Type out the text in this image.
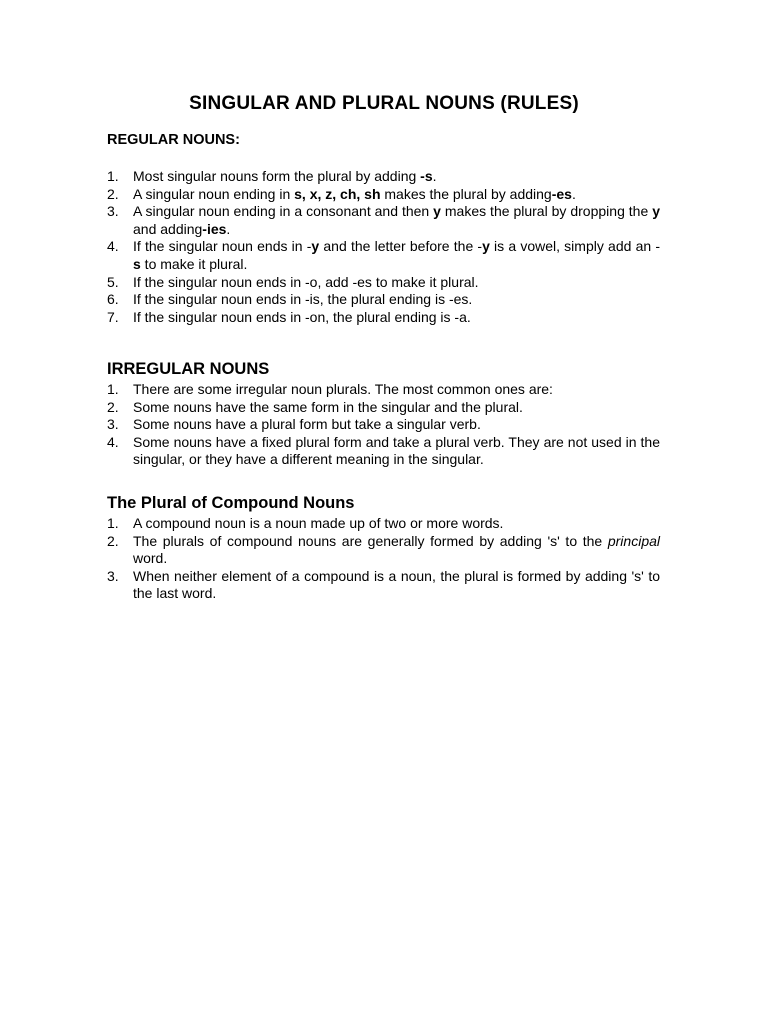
SINGULAR AND PLURAL NOUNS (RULES)
REGULAR NOUNS:
1. Most singular nouns form the plural by adding -s.
2. A singular noun ending in s, x, z, ch, sh makes the plural by adding-es.
3. A singular noun ending in a consonant and then y makes the plural by dropping the y and adding-ies.
4. If the singular noun ends in -y and the letter before the -y is a vowel, simply add an -s to make it plural.
5. If the singular noun ends in -o, add -es to make it plural.
6. If the singular noun ends in -is, the plural ending is -es.
7. If the singular noun ends in -on, the plural ending is -a.
IRREGULAR NOUNS
1. There are some irregular noun plurals. The most common ones are:
2. Some nouns have the same form in the singular and the plural.
3. Some nouns have a plural form but take a singular verb.
4. Some nouns have a fixed plural form and take a plural verb. They are not used in the singular, or they have a different meaning in the singular.
The Plural of Compound Nouns
1. A compound noun is a noun made up of two or more words.
2. The plurals of compound nouns are generally formed by adding 's' to the principal word.
3. When neither element of a compound is a noun, the plural is formed by adding 's' to the last word.
